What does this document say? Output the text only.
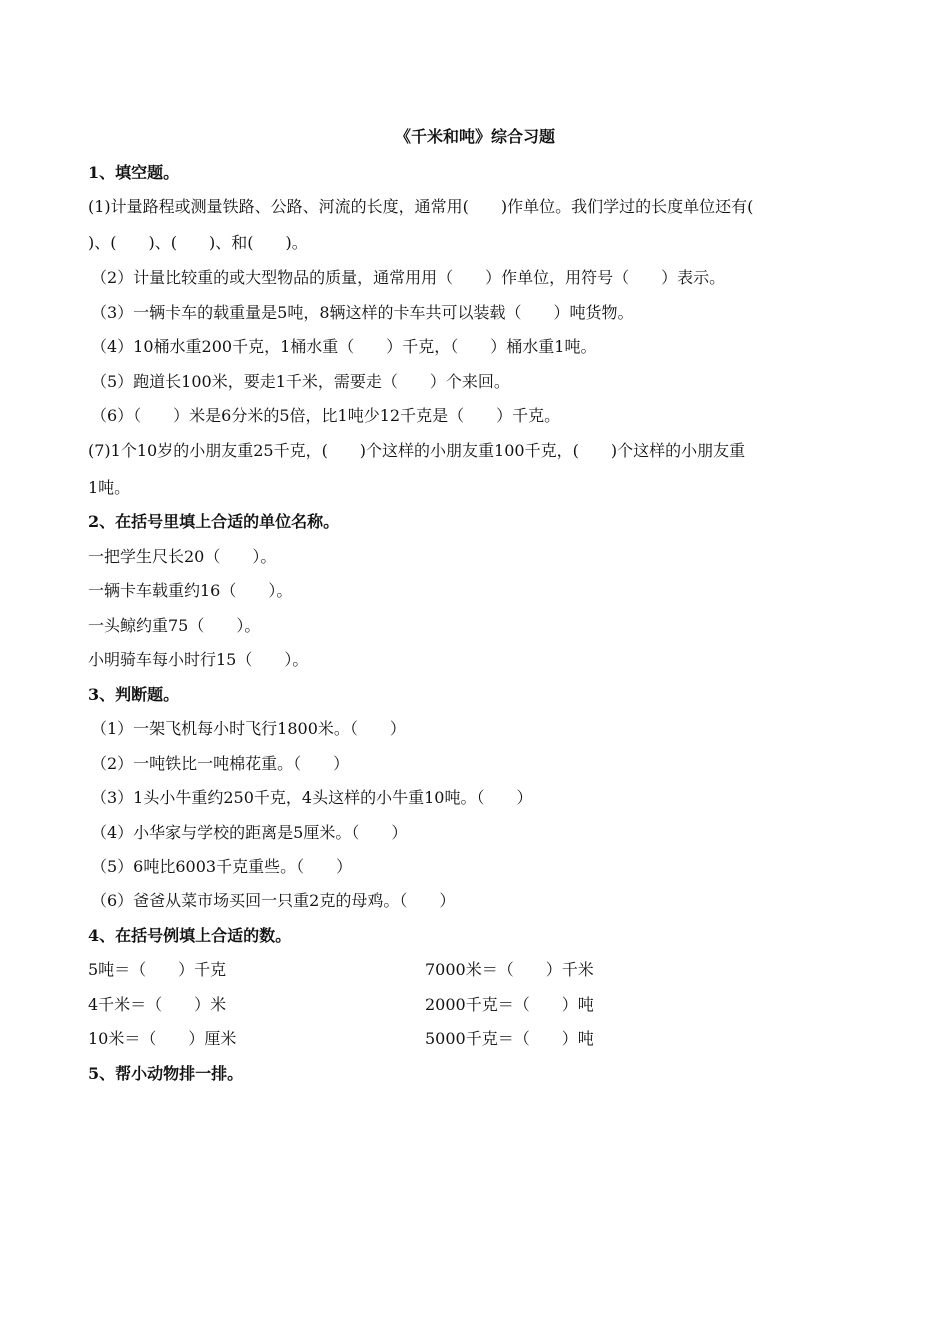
《千米和吨》综合习题
1、填空题。
(1)计量路程或测量铁路、公路、河流的长度，通常用(　　)作单位。我们学过的长度单位还有(
)、(　　)、(　　)、和(　　)。
（2）计量比较重的或大型物品的质量，通常用用（　　）作单位，用符号（　　）表示。
（3）一辆卡车的载重量是5吨，8辆这样的卡车共可以装载（　　）吨货物。
（4）10桶水重200千克，1桶水重（　　）千克，（　　）桶水重1吨。
（5）跑道长100米，要走1千米，需要走（　　）个来回。
（6）（　　）米是6分米的5倍，比1吨少12千克是（　　）千克。
(7)1个10岁的小朋友重25千克，(　　)个这样的小朋友重100千克，(　　)个这样的小朋友重
1吨。
2、在括号里填上合适的单位名称。
一把学生尺长20（　　）。
一辆卡车载重约16（　　）。
一头鲸约重75（　　）。
小明骑车每小时行15（　　）。
3、判断题。
（1）一架飞机每小时飞行1800米。（　　）
（2）一吨铁比一吨棉花重。（　　）
（3）1头小牛重约250千克，4头这样的小牛重10吨。（　　）
（4）小华家与学校的距离是5厘米。（　　）
（5）6吨比6003千克重些。（　　）
（6）爸爸从菜市场买回一只重2克的母鸡。（　　）
4、在括号例填上合适的数。
5吨＝（　　）千克	7000米＝（　　）千米
4千米＝（　　）米	2000千克＝（　　）吨
10米＝（　　）厘米	5000千克＝（　　）吨
5、帮小动物排一排。
